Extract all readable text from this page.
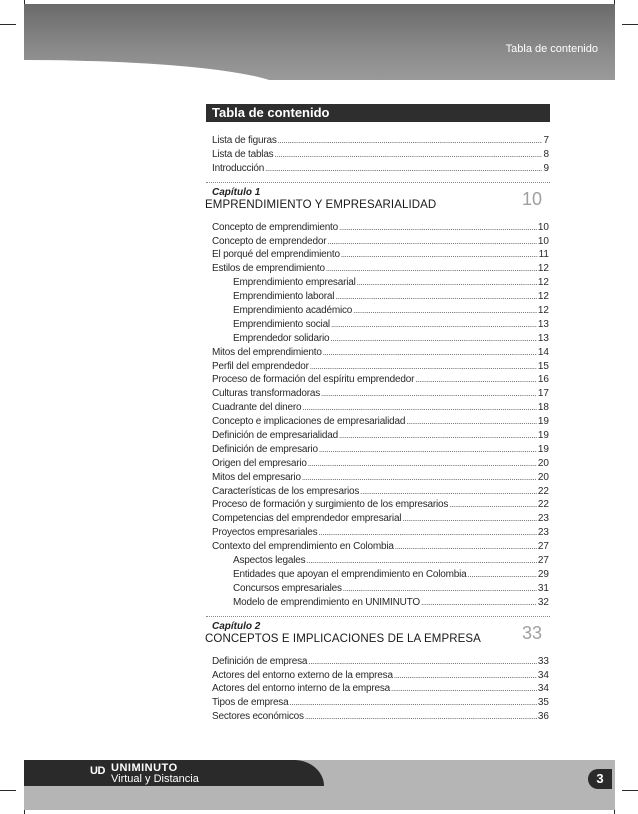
Tabla de contenido
Tabla de contenido
Lista de figuras .....	7
Lista de tablas .....	8
Introducción .....	9
Capítulo 1
EMPRENDIMIENTO Y EMPRESARIALIDAD	10
Concepto de emprendimiento .....	10
Concepto de emprendedor .....	10
El porqué del emprendimiento .....	11
Estilos de emprendimiento .....	12
Emprendimiento empresarial .....	12
Emprendimiento laboral .....	12
Emprendimiento académico .....	12
Emprendimiento social .....	13
Emprendedor solidario .....	13
Mitos del emprendimiento .....	14
Perfil del emprendedor .....	15
Proceso de formación del espíritu emprendedor .....	16
Culturas transformadoras .....	17
Cuadrante del dinero .....	18
Concepto e implicaciones de empresarialidad .....	19
Definición de empresarialidad .....	19
Definición de empresario .....	19
Origen del empresario .....	20
Mitos del empresario .....	20
Características de los empresarios .....	22
Proceso de formación y surgimiento de los empresarios .....	22
Competencias del emprendedor empresarial .....	23
Proyectos empresariales .....	23
Contexto del emprendimiento en Colombia .....	27
Aspectos legales .....	27
Entidades que apoyan el emprendimiento en Colombia .....	29
Concursos empresariales .....	31
Modelo de emprendimiento en UNIMINUTO .....	32
Capítulo 2
CONCEPTOS E IMPLICACIONES DE LA EMPRESA	33
Definición de empresa .....	33
Actores del entorno externo de la empresa .....	34
Actores del entorno interno de la empresa .....	34
Tipos de empresa .....	35
Sectores económicos .....	36
UD UNIMINUTO
Virtual y Distancia	3
